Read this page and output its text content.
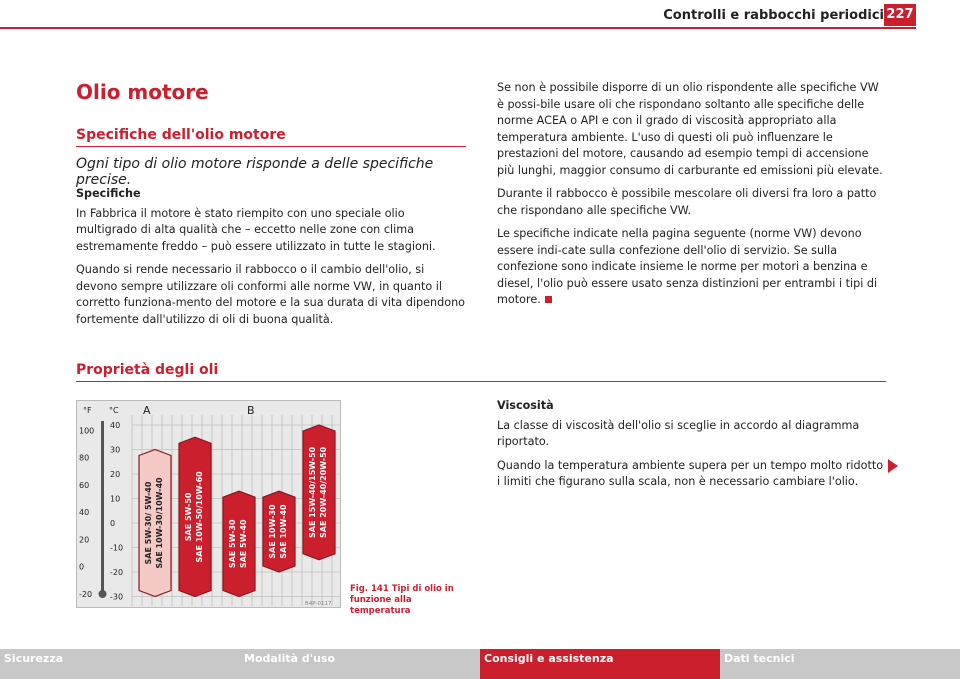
Controlli e rabbocchi periodici 227
Olio motore
Specifiche dell'olio motore
Ogni tipo di olio motore risponde a delle specifiche precise.
Specifiche

In Fabbrica il motore è stato riempito con uno speciale olio multigrado di alta qualità che – eccetto nelle zone con clima estremamente freddo – può essere utilizzato in tutte le stagioni.

Quando si rende necessario il rabbocco o il cambio dell'olio, si devono sempre utilizzare oli conformi alle norme VW, in quanto il corretto funziona-mento del motore e la sua durata di vita dipendono fortemente dall'utilizzo di oli di buona qualità.

Se non è possibile disporre di un olio rispondente alle specifiche VW è possi-bile usare oli che rispondano soltanto alle specifiche delle norme ACEA o API e con il grado di viscosità appropriato alla temperatura ambiente. L'uso di questi oli può influenzare le prestazioni del motore, causando ad esempio tempi di accensione più lunghi, maggior consumo di carburante ed emissioni più elevate.

Durante il rabbocco è possibile mescolare oli diversi fra loro a patto che rispondano alle specifiche VW.

Le specifiche indicate nella pagina seguente (norme VW) devono essere indi-cate sulla confezione dell'olio di servizio. Se sulla confezione sono indicate insieme le norme per motori a benzina e diesel, l'olio può essere usato senza distinzioni per entrambi i tipi di motore.

Proprietà degli oli
°F °C A	B
100
80
60
40
20
0
-20
40
30
20
10
0
-10
-20
-30
SAE 5W-30/ 5W-40 SAE 10W-30/10W-40	SAE 5W-50 SAE 10W-50/10W-60	SAE 5W-30 SAE 5W-40	SAE 10W-30 SAE 10W-40	SAE 15W-40/15W-50 SAE 20W-40/20W-50
B4P-0117
Fig. 141 Tipi di olio in
funzione alla temperatura
Viscosità

La classe di viscosità dell'olio si sceglie in accordo al diagramma riportato.

Quando la temperatura ambiente supera per un tempo molto ridotto i limiti che figurano sulla scala, non è necessario cambiare l'olio.

Sicurezza	Modalità d'uso	Consigli e assistenza	Dati tecnici
